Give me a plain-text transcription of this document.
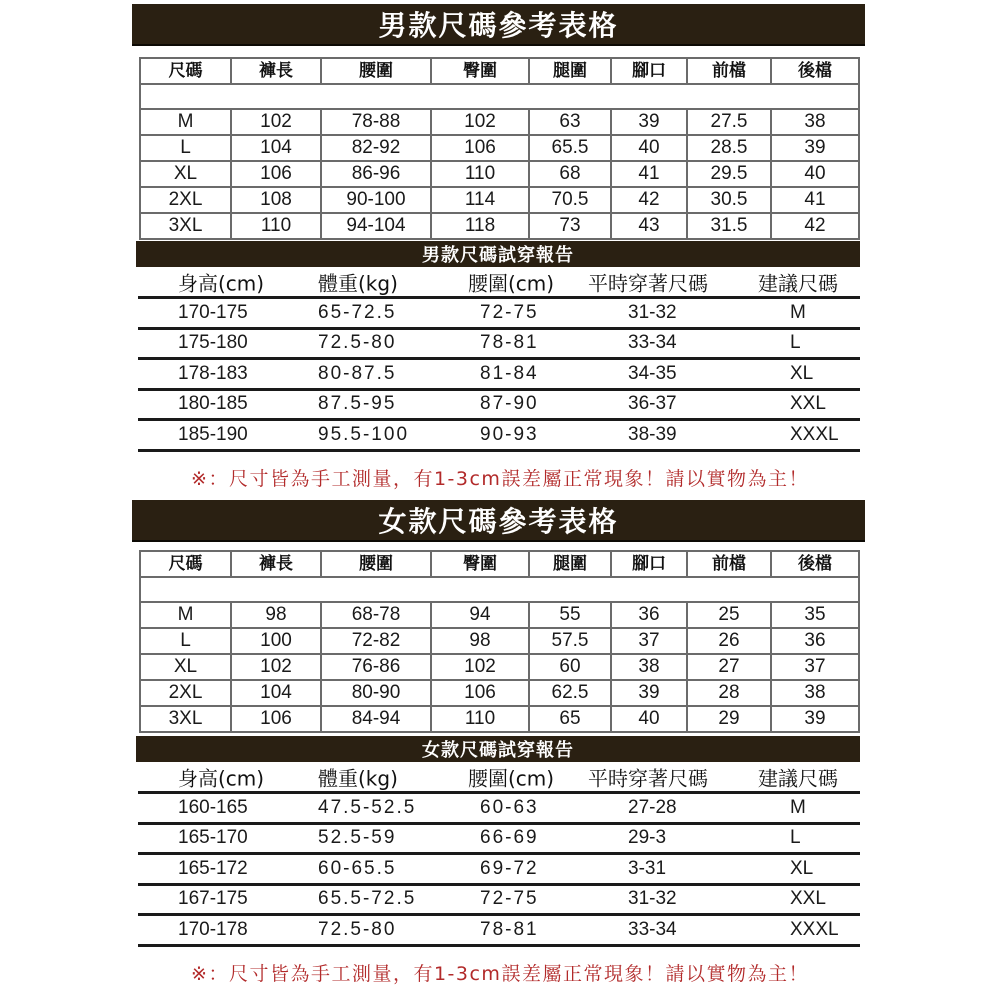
男款尺碼參考表格
尺碼	褲長	腰圍	臀圍	腿圍	腳口	前檔	後檔

M	102	78-88	102	63	39	27.5	38
L	104	82-92	106	65.5	40	28.5	39
XL	106	86-96	110	68	41	29.5	40
2XL	108	90-100	114	70.5	42	30.5	41
3XL	110	94-104	118	73	43	31.5	42
男款尺碼試穿報告
身高(cm)	體重(kg)	腰圍(cm) 平時穿著尺碼	建議尺碼
170-175	65-72.5	72-75	31-32	M
175-180	72.5-80	78-81	33-34	L
178-183	80-87.5	81-84	34-35	XL
180-185	87.5-95	87-90	36-37	XXL
185-190	95.5-100	90-93	38-39	XXXL
※：尺寸皆為手工測量，有1-3cm誤差屬正常現象！請以實物為主！
女款尺碼參考表格
尺碼	褲長	腰圍	臀圍	腿圍	腳口	前檔	後檔

M	98	68-78	94	55	36	25	35
L	100	72-82	98	57.5	37	26	36
XL	102	76-86	102	60	38	27	37
2XL	104	80-90	106	62.5	39	28	38
3XL	106	84-94	110	65	40	29	39
女款尺碼試穿報告
身高(cm)	體重(kg)	腰圍(cm) 平時穿著尺碼	建議尺碼
160-165	47.5-52.5	60-63	27-28	M
165-170	52.5-59	66-69	29-3	L
165-172	60-65.5	69-72	3-31	XL
167-175	65.5-72.5	72-75	31-32	XXL
170-178	72.5-80	78-81	33-34	XXXL
※：尺寸皆為手工測量，有1-3cm誤差屬正常現象！請以實物為主！
